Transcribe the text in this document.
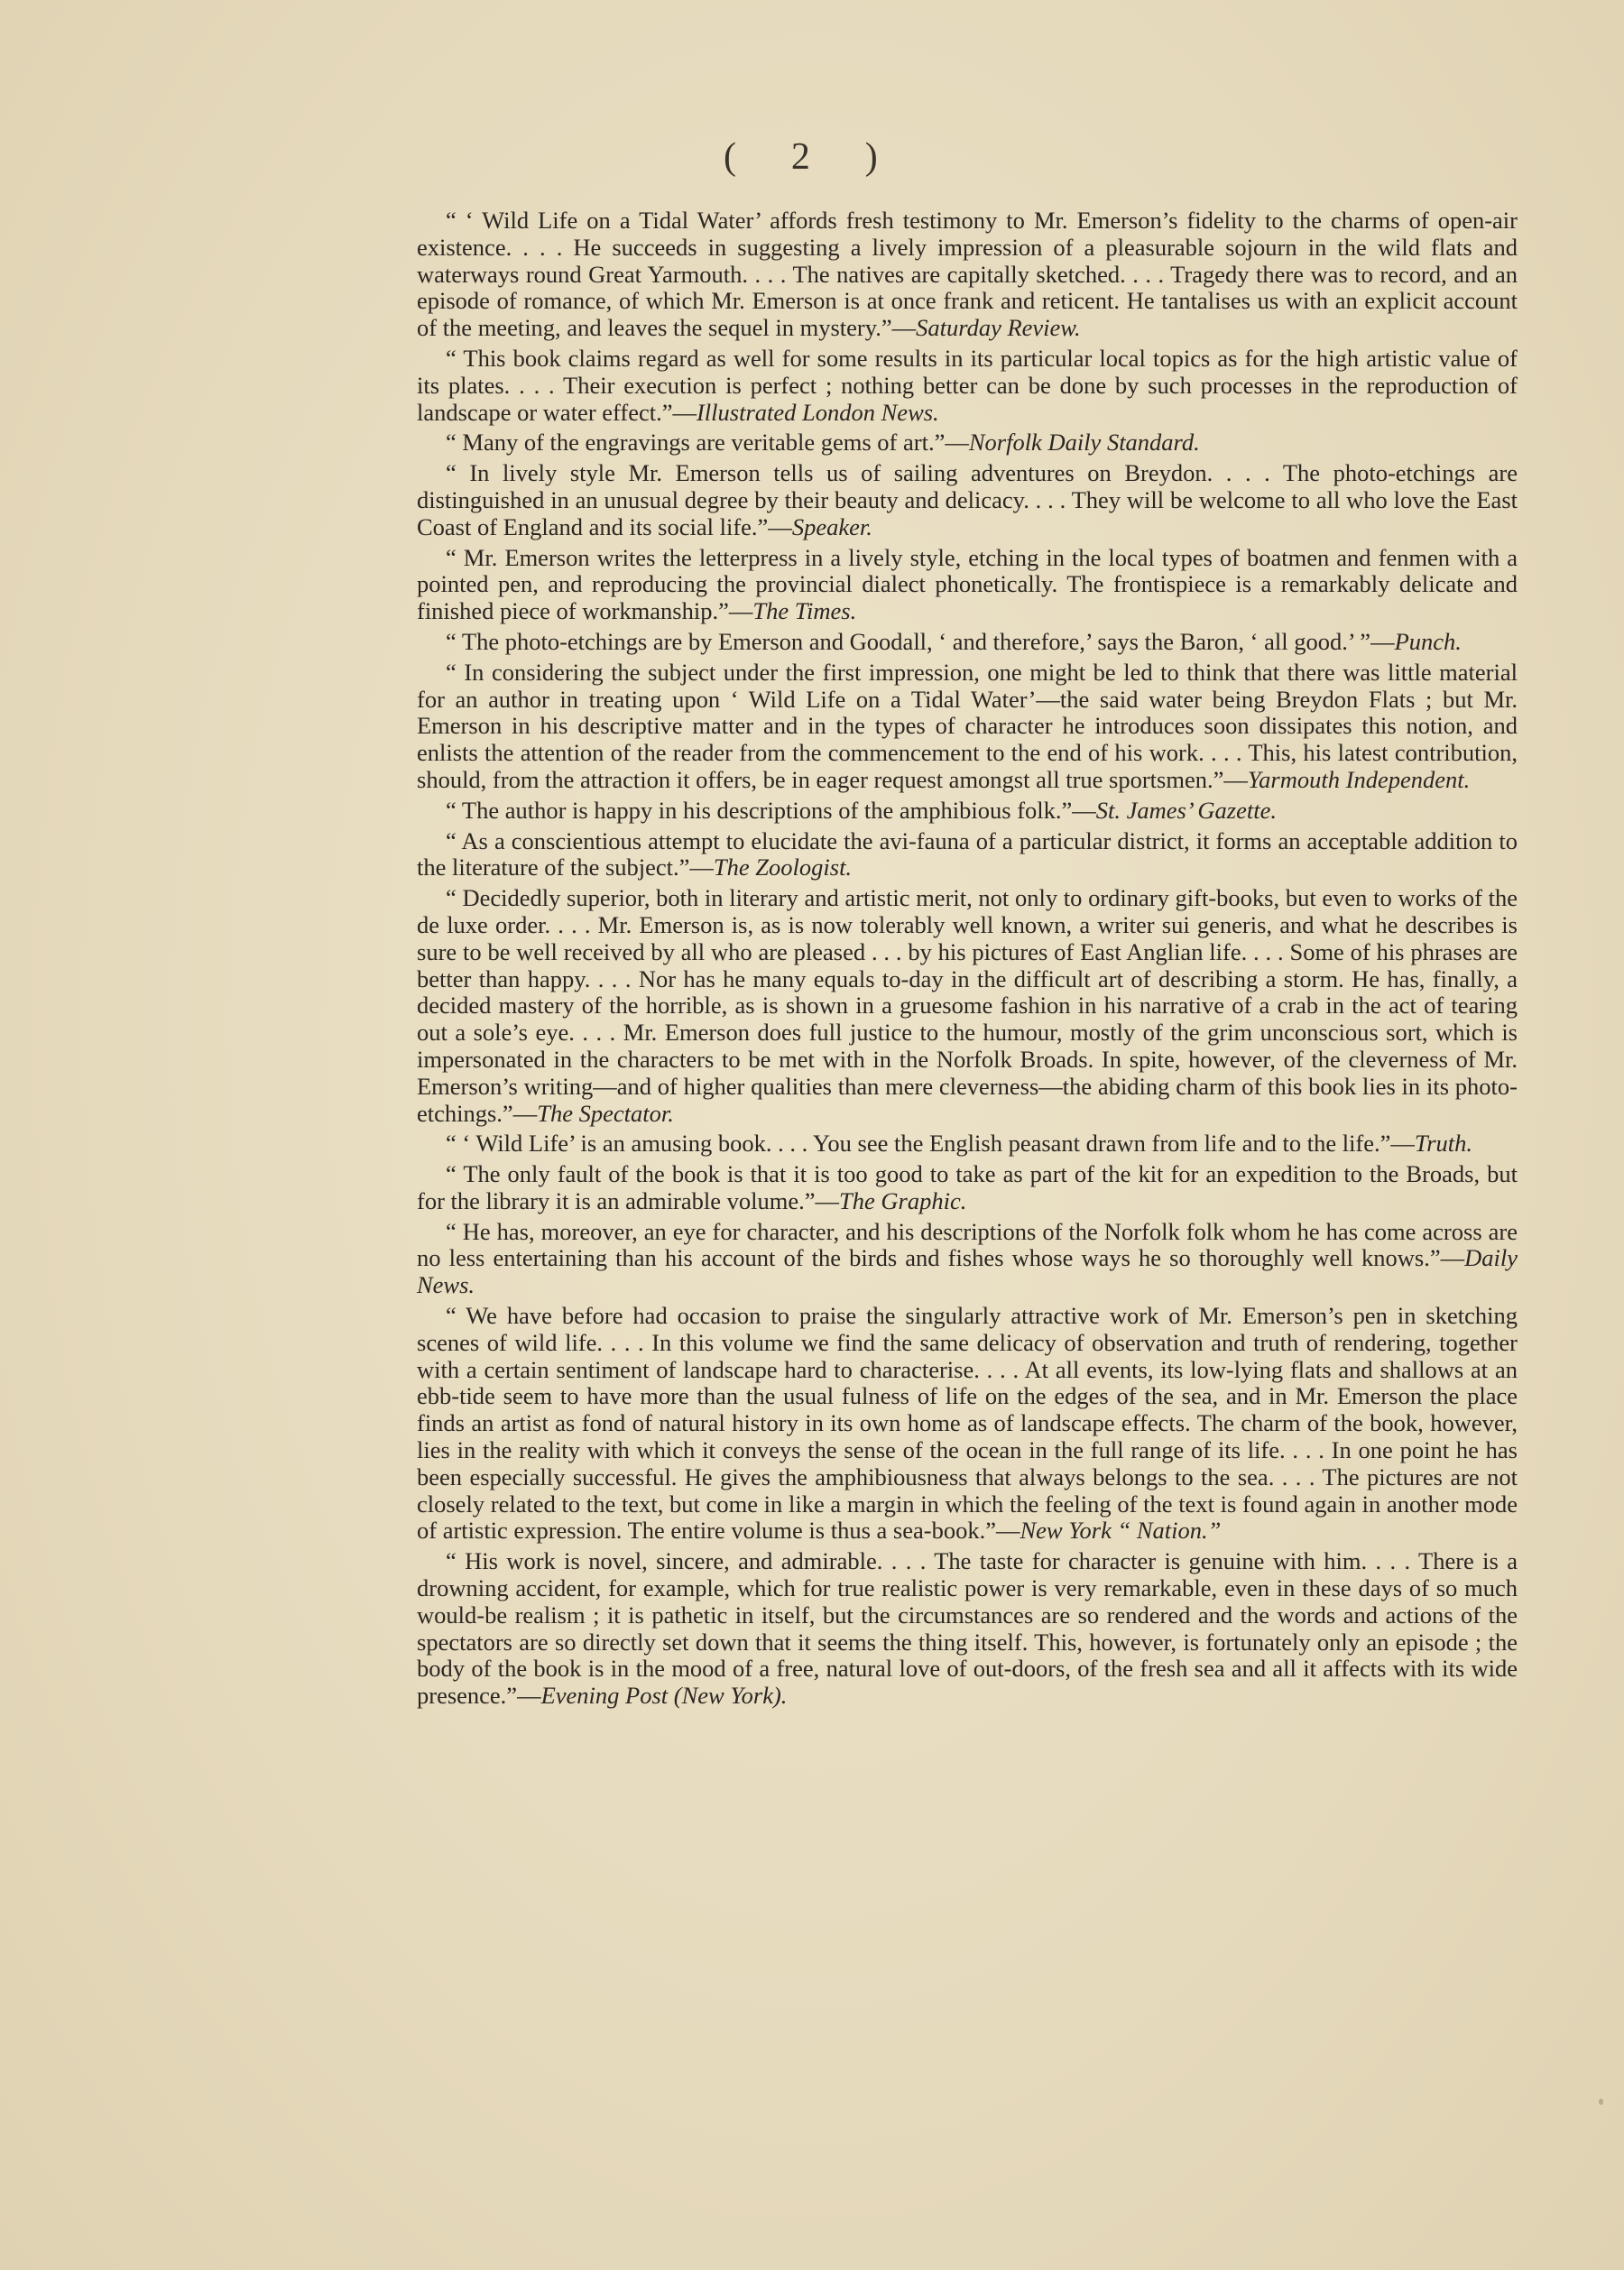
( 2 )

“ ‘ Wild Life on a Tidal Water’ affords fresh testimony to Mr. Emerson’s fidelity to the charms of open-air existence. . . . He succeeds in suggesting a lively impression of a pleasurable sojourn in the wild flats and waterways round Great Yarmouth. . . . The natives are capitally sketched. . . . Tragedy there was to record, and an episode of romance, of which Mr. Emerson is at once frank and reticent. He tantalises us with an explicit account of the meeting, and leaves the sequel in mystery.”—Saturday Review.

“ This book claims regard as well for some results in its particular local topics as for the high artistic value of its plates. . . . Their execution is perfect ; nothing better can be done by such processes in the reproduction of landscape or water effect.”—Illustrated London News.

“ Many of the engravings are veritable gems of art.”—Norfolk Daily Standard.

“ In lively style Mr. Emerson tells us of sailing adventures on Breydon. . . . The photo-etchings are distinguished in an unusual degree by their beauty and delicacy. . . . They will be welcome to all who love the East Coast of England and its social life.”—Speaker.

“ Mr. Emerson writes the letterpress in a lively style, etching in the local types of boatmen and fenmen with a pointed pen, and reproducing the provincial dialect phonetically. The frontispiece is a remarkably delicate and finished piece of workmanship.”—The Times.

“ The photo-etchings are by Emerson and Goodall, ‘ and therefore,’ says the Baron, ‘ all good.’ ”—Punch.

“ In considering the subject under the first impression, one might be led to think that there was little material for an author in treating upon ‘ Wild Life on a Tidal Water’—the said water being Breydon Flats ; but Mr. Emerson in his descriptive matter and in the types of character he introduces soon dissipates this notion, and enlists the attention of the reader from the commencement to the end of his work. . . . This, his latest contribution, should, from the attraction it offers, be in eager request amongst all true sportsmen.”—Yarmouth Independent.

“ The author is happy in his descriptions of the amphibious folk.”—St. James’ Gazette.

“ As a conscientious attempt to elucidate the avi-fauna of a particular district, it forms an acceptable addition to the literature of the subject.”—The Zoologist.

“ Decidedly superior, both in literary and artistic merit, not only to ordinary gift-books, but even to works of the de luxe order. . . . Mr. Emerson is, as is now tolerably well known, a writer sui generis, and what he describes is sure to be well received by all who are pleased . . . by his pictures of East Anglian life. . . . Some of his phrases are better than happy. . . . Nor has he many equals to-day in the difficult art of describing a storm. He has, finally, a decided mastery of the horrible, as is shown in a gruesome fashion in his narrative of a crab in the act of tearing out a sole’s eye. . . . Mr. Emerson does full justice to the humour, mostly of the grim unconscious sort, which is impersonated in the characters to be met with in the Norfolk Broads. In spite, however, of the cleverness of Mr. Emerson’s writing—and of higher qualities than mere cleverness—the abiding charm of this book lies in its photo-etchings.”—The Spectator.

“ ‘ Wild Life’ is an amusing book. . . . You see the English peasant drawn from life and to the life.”—Truth.

“ The only fault of the book is that it is too good to take as part of the kit for an expedition to the Broads, but for the library it is an admirable volume.”—The Graphic.

“ He has, moreover, an eye for character, and his descriptions of the Norfolk folk whom he has come across are no less entertaining than his account of the birds and fishes whose ways he so thoroughly well knows.”—Daily News.

“ We have before had occasion to praise the singularly attractive work of Mr. Emerson’s pen in sketching scenes of wild life. . . . In this volume we find the same delicacy of observation and truth of rendering, together with a certain sentiment of landscape hard to characterise. . . . At all events, its low-lying flats and shallows at an ebb-tide seem to have more than the usual fulness of life on the edges of the sea, and in Mr. Emerson the place finds an artist as fond of natural history in its own home as of landscape effects. The charm of the book, however, lies in the reality with which it conveys the sense of the ocean in the full range of its life. . . . In one point he has been especially successful. He gives the amphibiousness that always belongs to the sea. . . . The pictures are not closely related to the text, but come in like a margin in which the feeling of the text is found again in another mode of artistic expression. The entire volume is thus a sea-book.”—New York “ Nation.”

“ His work is novel, sincere, and admirable. . . . The taste for character is genuine with him. . . . There is a drowning accident, for example, which for true realistic power is very remarkable, even in these days of so much would-be realism ; it is pathetic in itself, but the circumstances are so rendered and the words and actions of the spectators are so directly set down that it seems the thing itself. This, however, is fortunately only an episode ; the body of the book is in the mood of a free, natural love of out-doors, of the fresh sea and all it affects with its wide presence.”—Evening Post (New York).
